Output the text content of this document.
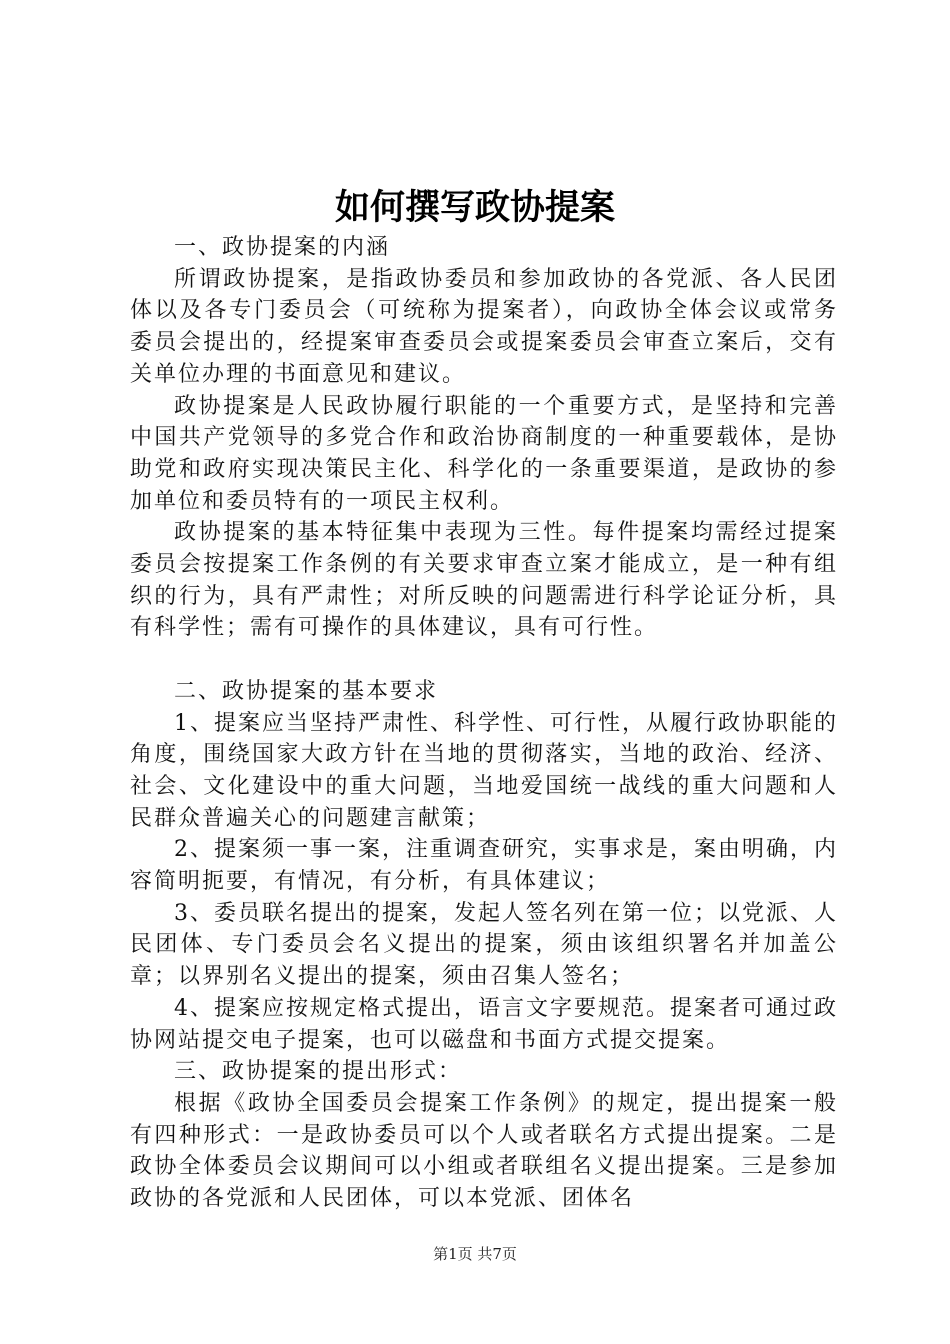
如何撰写政协提案

一、政协提案的内涵

所谓政协提案，是指政协委员和参加政协的各党派、各人民团体以及各专门委员会（可统称为提案者），向政协全体会议或常务委员会提出的，经提案审查委员会或提案委员会审查立案后，交有关单位办理的书面意见和建议。

政协提案是人民政协履行职能的一个重要方式，是坚持和完善中国共产党领导的多党合作和政治协商制度的一种重要载体，是协助党和政府实现决策民主化、科学化的一条重要渠道，是政协的参加单位和委员特有的一项民主权利。

政协提案的基本特征集中表现为三性。每件提案均需经过提案委员会按提案工作条例的有关要求审查立案才能成立，是一种有组织的行为，具有严肃性；对所反映的问题需进行科学论证分析，具有科学性；需有可操作的具体建议，具有可行性。

二、政协提案的基本要求

1、提案应当坚持严肃性、科学性、可行性，从履行政协职能的角度，围绕国家大政方针在当地的贯彻落实，当地的政治、经济、社会、文化建设中的重大问题，当地爱国统一战线的重大问题和人民群众普遍关心的问题建言献策；

2、提案须一事一案，注重调查研究，实事求是，案由明确，内容简明扼要，有情况，有分析，有具体建议；

3、委员联名提出的提案，发起人签名列在第一位；以党派、人民团体、专门委员会名义提出的提案，须由该组织署名并加盖公章；以界别名义提出的提案，须由召集人签名；

4、提案应按规定格式提出，语言文字要规范。提案者可通过政协网站提交电子提案，也可以磁盘和书面方式提交提案。

三、政协提案的提出形式：

根据《政协全国委员会提案工作条例》的规定，提出提案一般有四种形式：一是政协委员可以个人或者联名方式提出提案。二是政协全体委员会议期间可以小组或者联组名义提出提案。三是参加政协的各党派和人民团体，可以本党派、团体名

第1页 共7页
